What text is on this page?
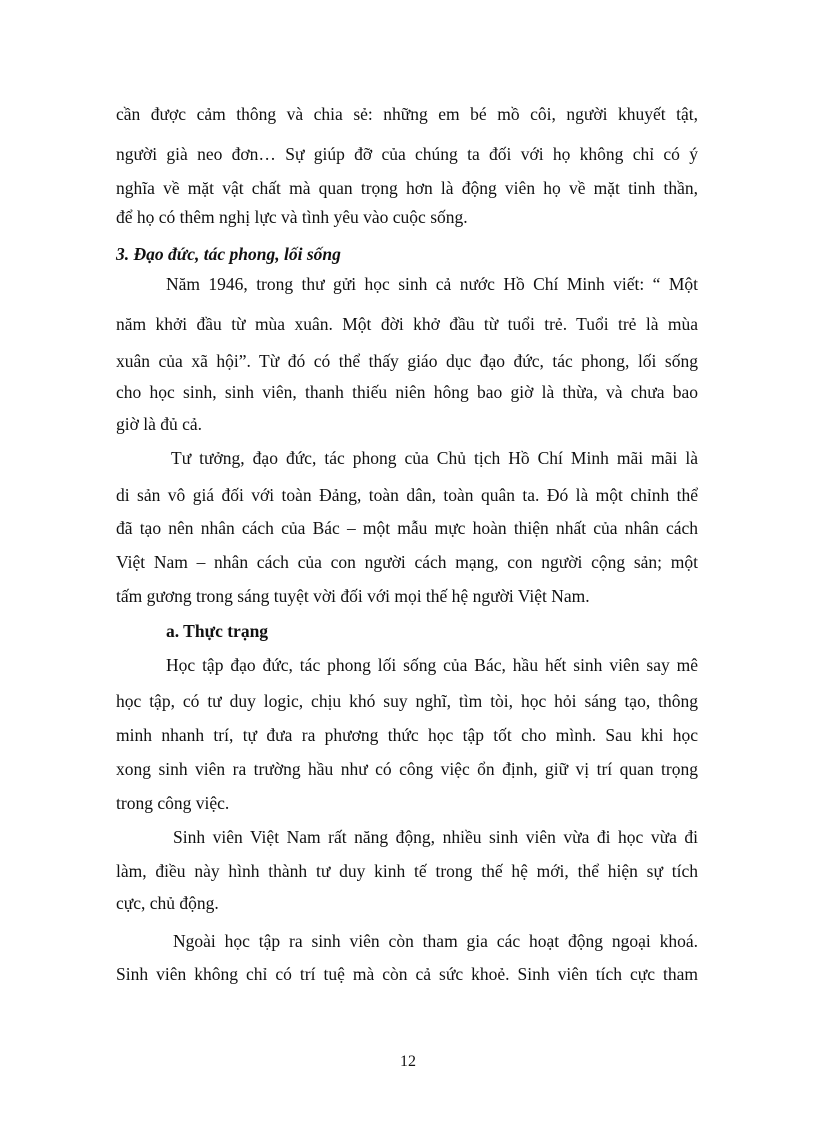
cần được cảm thông và chia sẻ: những em bé mồ côi, người khuyết tật,
người già neo đơn… Sự giúp đỡ của chúng ta đối với họ không chỉ có ý
nghĩa về mặt vật chất mà quan trọng hơn là động viên họ về mặt tinh thần,
để họ có thêm nghị lực và tình yêu vào cuộc sống.
3. Đạo đức, tác phong, lối sống
Năm 1946, trong thư gửi học sinh cả nước Hồ Chí Minh viết: “ Một
năm khởi đầu từ mùa xuân. Một đời khở đầu từ tuổi trẻ. Tuổi trẻ là mùa
xuân của xã hội”. Từ đó có thể thấy giáo dục đạo đức, tác phong, lối sống
cho học sinh, sinh viên, thanh thiếu niên hông bao giờ là thừa, và chưa bao
giờ là đủ cả.
Tư tưởng, đạo đức, tác phong của Chủ tịch Hồ Chí Minh mãi mãi là
di sản vô giá đối với toàn Đảng, toàn dân, toàn quân ta. Đó là một chỉnh thể
đã tạo nên nhân cách của Bác – một mẫu mực hoàn thiện nhất của nhân cách
Việt Nam – nhân cách của con người cách mạng, con người cộng sản; một
tấm gương trong sáng tuyệt vời đối với mọi thế hệ người Việt Nam.
a. Thực trạng
Học tập đạo đức, tác phong lối sống của Bác, hầu hết sinh viên say mê
học tập, có tư duy logic, chịu khó suy nghĩ, tìm tòi, học hỏi sáng tạo, thông
minh nhanh trí, tự đưa ra phương thức học tập tốt cho mình. Sau khi học
xong sinh viên ra trường hầu như có công việc ổn định, giữ vị trí quan trọng
trong công việc.
Sinh viên Việt Nam rất năng động, nhiều sinh viên vừa đi học vừa đi
làm, điều này hình thành tư duy kinh tế trong thế hệ mới, thể hiện sự tích
cực, chủ động.
Ngoài học tập ra sinh viên còn tham gia các hoạt động ngoại khoá.
Sinh viên không chỉ có trí tuệ mà còn cả sức khoẻ. Sinh viên tích cực tham
12
